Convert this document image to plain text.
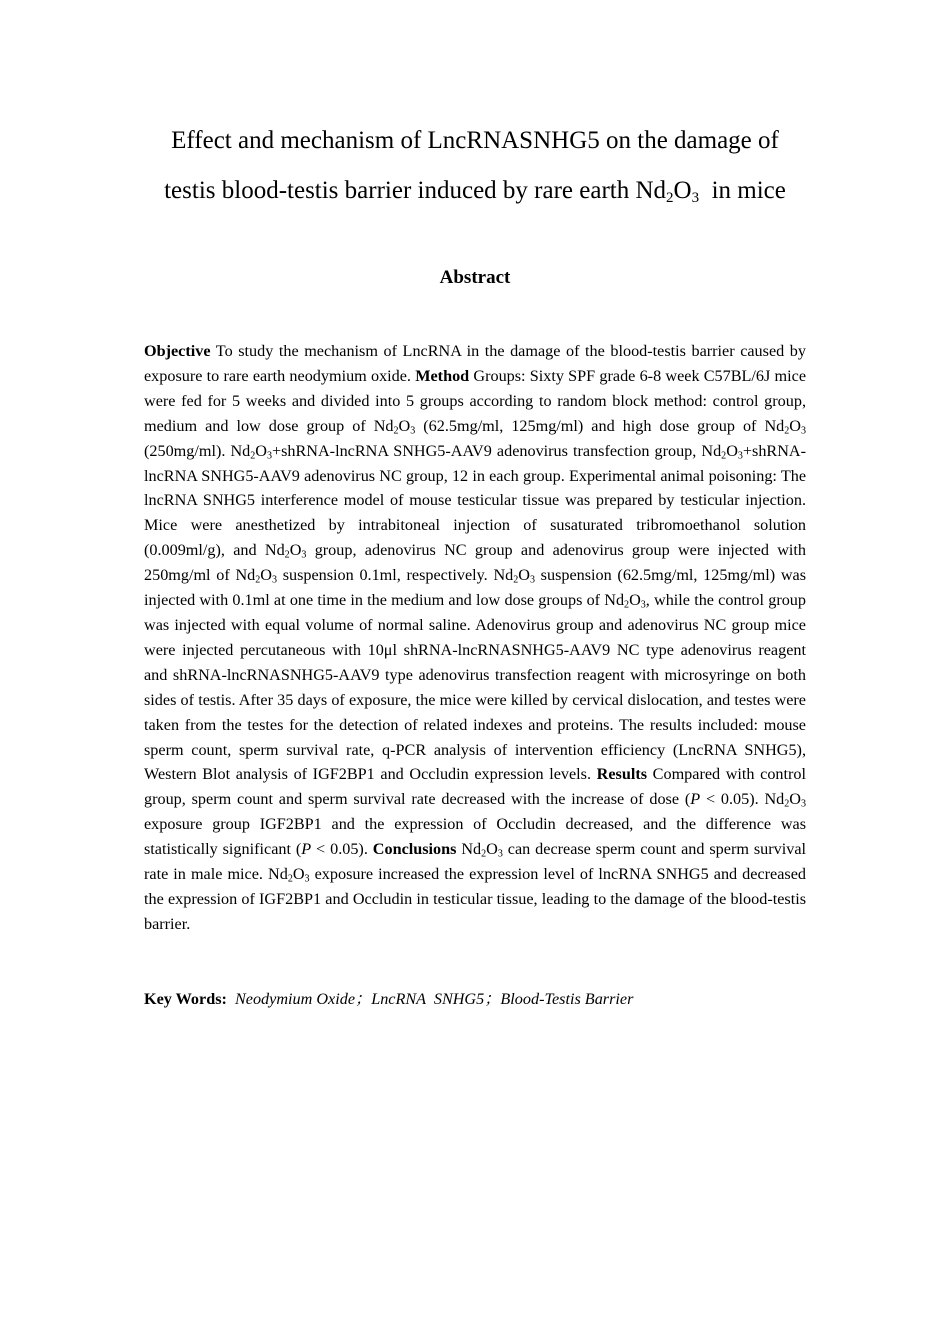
Effect and mechanism of LncRNASNHG5 on the damage of
testis blood-testis barrier induced by rare earth $Nd_2O_3$  in mice
Abstract
Objective To study the mechanism of LncRNA in the damage of the blood-testis barrier caused by exposure to rare earth neodymium oxide. Method Groups: Sixty SPF grade 6-8 week C57BL/6J mice were fed for 5 weeks and divided into 5 groups according to random block method: control group, medium and low dose group of $Nd_2O_3$ (62.5mg/ml, 125mg/ml) and high dose group of $Nd_2O_3$ (250mg/ml). $Nd_2O_3+shRNA$-lncRNA SNHG5-AAV9 adenovirus transfection group, $Nd_2O_3+shRNA$-lncRNA SNHG5-AAV9 adenovirus NC group, 12 in each group. Experimental animal poisoning: The lncRNA SNHG5 interference model of mouse testicular tissue was prepared by testicular injection. Mice were anesthetized by intrabitoneal injection of susaturated tribromoethanol solution (0.009ml/g), and $Nd_2O_3$ group, adenovirus NC group and adenovirus group were injected with 250mg/ml of $Nd_2O_3$ suspension 0.1ml, respectively. $Nd_2O_3$ suspension (62.5mg/ml, 125mg/ml) was injected with 0.1ml at one time in the medium and low dose groups of $Nd_2O_3$, while the control group was injected with equal volume of normal saline. Adenovirus group and adenovirus NC group mice were injected percutaneous with 10μl shRNA-lncRNASNHG5-AAV9 NC type adenovirus reagent and shRNA-lncRNASNHG5-AAV9 type adenovirus transfection reagent with microsyringe on both sides of testis. After 35 days of exposure, the mice were killed by cervical dislocation, and testes were taken from the testes for the detection of related indexes and proteins. The results included: mouse sperm count, sperm survival rate, q-PCR analysis of intervention efficiency (LncRNA SNHG5), Western Blot analysis of IGF2BP1 and Occludin expression levels. Results Compared with control group, sperm count and sperm survival rate decreased with the increase of dose (P < 0.05). $Nd_2O_3$ exposure group IGF2BP1 and the expression of Occludin decreased, and the difference was statistically significant (P < 0.05). Conclusions $Nd_2O_3$ can decrease sperm count and sperm survival rate in male mice. $Nd_2O_3$ exposure increased the expression level of lncRNA SNHG5 and decreased the expression of IGF2BP1 and Occludin in testicular tissue, leading to the damage of the blood-testis barrier.
Key Words: Neodymium Oxide；LncRNA  SNHG5；Blood-Testis Barrier
